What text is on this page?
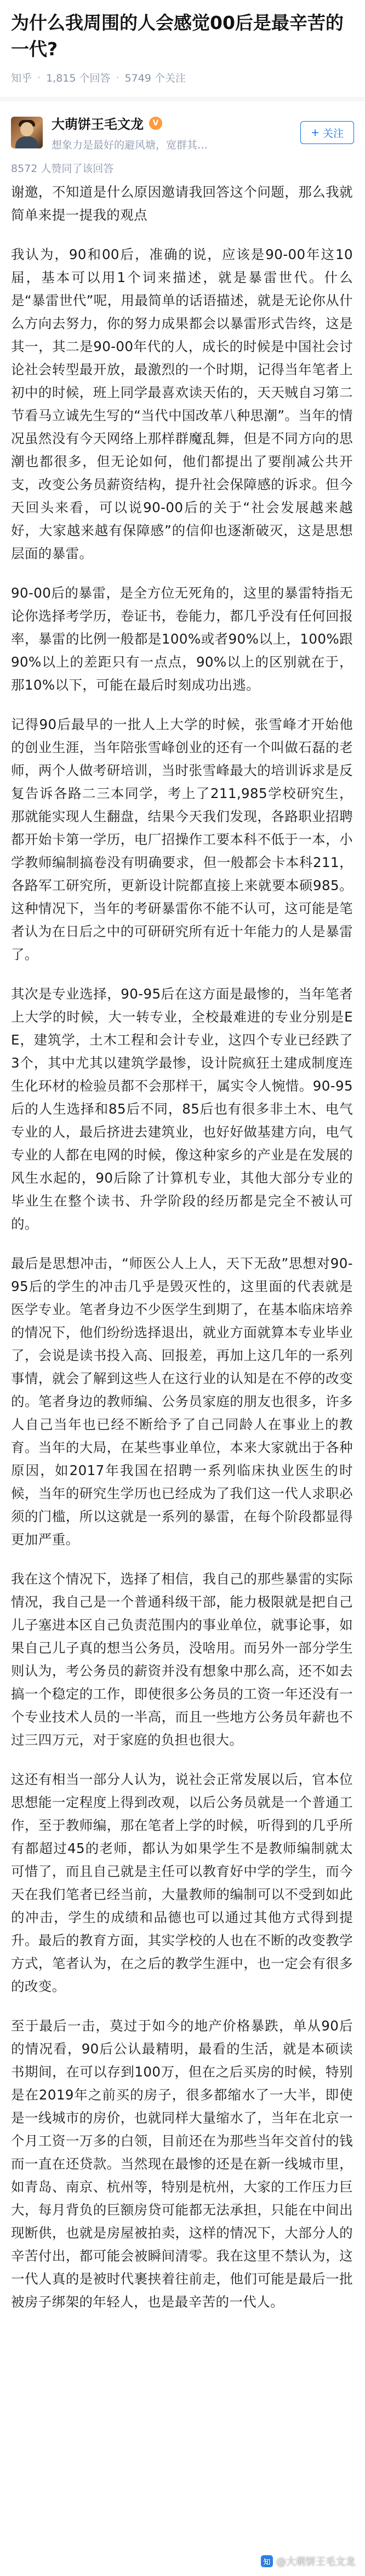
为什么我周围的人会感觉00后是最辛苦的一代?
知乎 · 1,815 个回答 · 5749 个关注
大萌饼王毛文龙	V
想象力是最好的避风塘，宽群其…
+ 关注
8572 人赞同了该回答

谢邀，不知道是什么原因邀请我回答这个问题，那么我就简单来提一提我的观点

我认为，90和00后，准确的说，应该是90-00年这10届，基本可以用1个词来描述，就是暴雷世代。什么是“暴雷世代”呢，用最简单的话语描述，就是无论你从什么方向去努力，你的努力成果都会以暴雷形式告终，这是其一，其二是90-00年代的人，成长的时候是中国社会讨论社会转型最开放，最激烈的一个时期，记得当年笔者上初中的时候，班上同学最喜欢读天佑的，天天贼自习第二节看马立诚先生写的“当代中国改革八种思潮”。当年的情况虽然没有今天网络上那样群魔乱舞，但是不同方向的思潮也都很多，但无论如何，他们都提出了要削减公共开支，改变公务员薪资结构，提升社会保障感的诉求。但今天回头来看，可以说90-00后的关于“社会发展越来越好，大家越来越有保障感”的信仰也逐渐破灭，这是思想层面的暴雷。

90-00后的暴雷，是全方位无死角的，这里的暴雷特指无论你选择考学历，卷证书，卷能力，都几乎没有任何回报率，暴雷的比例一般都是100%或者90%以上，100%跟90%以上的差距只有一点点，90%以上的区别就在于，那10%以下，可能在最后时刻成功出逃。

记得90后最早的一批人上大学的时候，张雪峰才开始他的创业生涯，当年陪张雪峰创业的还有一个叫做石磊的老师，两个人做考研培训，当时张雪峰最大的培训诉求是反复告诉各路二三本同学，考上了211,985学校研究生，那就能实现人生翻盘，结果今天我们发现，各路职业招聘都开始卡第一学历，电厂招操作工要本科不低于一本，小学教师编制搞卷没有明确要求，但一般都会卡本科211，各路军工研究所，更新设计院都直接上来就要本硕985。这种情况下，当年的考研暴雷你不能不认可，这可能是笔者认为在日后之中的可研研究所有近十年能力的人是暴雷了。

其次是专业选择，90-95后在这方面是最惨的，当年笔者上大学的时候，大一转专业，全校最难进的专业分别是EE，建筑学，土木工程和会计专业，这四个专业已经跌了3个，其中尤其以建筑学最惨，设计院疯狂土建成制度连生化环材的检验员都不会那样干，属实令人惋惜。90-95后的人生选择和85后不同，85后也有很多非土木、电气专业的人，最后挤进去建筑业，也好好做基建方向，电气专业的人都在电网的时候，像这种家乡的产业是在发展的风生水起的，90后除了计算机专业，其他大部分专业的毕业生在整个读书、升学阶段的经历都是完全不被认可的。

最后是思想冲击，“师医公人上人，天下无敌”思想对90-95后的学生的冲击几乎是毁灭性的，这里面的代表就是医学专业。笔者身边不少医学生到期了，在基本临床培养的情况下，他们纷纷选择退出，就业方面就算本专业毕业了，会说是读书投入高、回报差，再加上这几年的一系列事情，就会了解到这些人在这行业的认知是在不停的改变的。笔者身边的教师编、公务员家庭的朋友也很多，许多人自己当年也已经不断给予了自己同龄人在事业上的教育。当年的大局，在某些事业单位，本来大家就出于各种原因，如2017年我国在招聘一系列临床执业医生的时候，当年的研究生学历也已经成为了我们这一代人求职必须的门槛，所以这就是一系列的暴雷，在每个阶段都显得更加严重。

我在这个情况下，选择了相信，我自己的那些暴雷的实际情况，我自己是一个普通科级干部，能力极限就是把自己儿子塞进本区自己负责范围内的事业单位，就事论事，如果自己儿子真的想当公务员，没啥用。而另外一部分学生则认为，考公务员的薪资并没有想象中那么高，还不如去搞一个稳定的工作，即使很多公务员的工资一年还没有一个专业技术人员的一半高，而且一些地方公务员年薪也不过三四万元，对于家庭的负担也很大。

这还有相当一部分人认为，说社会正常发展以后，官本位思想能一定程度上得到改观，以后公务员就是一个普通工作，至于教师编，那在笔者上学的时候，听得到的几乎所有都超过45的老师，都认为如果学生不是教师编制就太可惜了，而且自己就是主任可以教育好中学的学生，而今天在我们笔者已经当前，大量教师的编制可以不受到如此的冲击，学生的成绩和品德也可以通过其他方式得到提升。最后的教育方面，其实学校的人也在不断的改变教学方式，笔者认为，在之后的教学生涯中，也一定会有很多的改变。

至于最后一击，莫过于如今的地产价格暴跌，单从90后的情况看，90后公认最精明，最看的生活，就是本硕读书期间，在可以存到100万，但在之后买房的时候，特别是在2019年之前买的房子，很多都缩水了一大半，即使是一线城市的房价，也就同样大量缩水了，当年在北京一个月工资一万多的白领，目前还在为那些当年交首付的钱而一直在还贷款。当然现在最惨的还是在新一线城市里，如青岛、南京、杭州等，特别是杭州，大家的工作压力巨大，每月背负的巨额房贷可能都无法承担，只能在中间出现断供，也就是房屋被拍卖，这样的情况下，大部分人的辛苦付出，都可能会被瞬间清零。我在这里不禁认为，这一代人真的是被时代裹挟着往前走，他们可能是最后一批被房子绑架的年轻人，也是最辛苦的一代人。

知 @大萌饼王毛文龙
